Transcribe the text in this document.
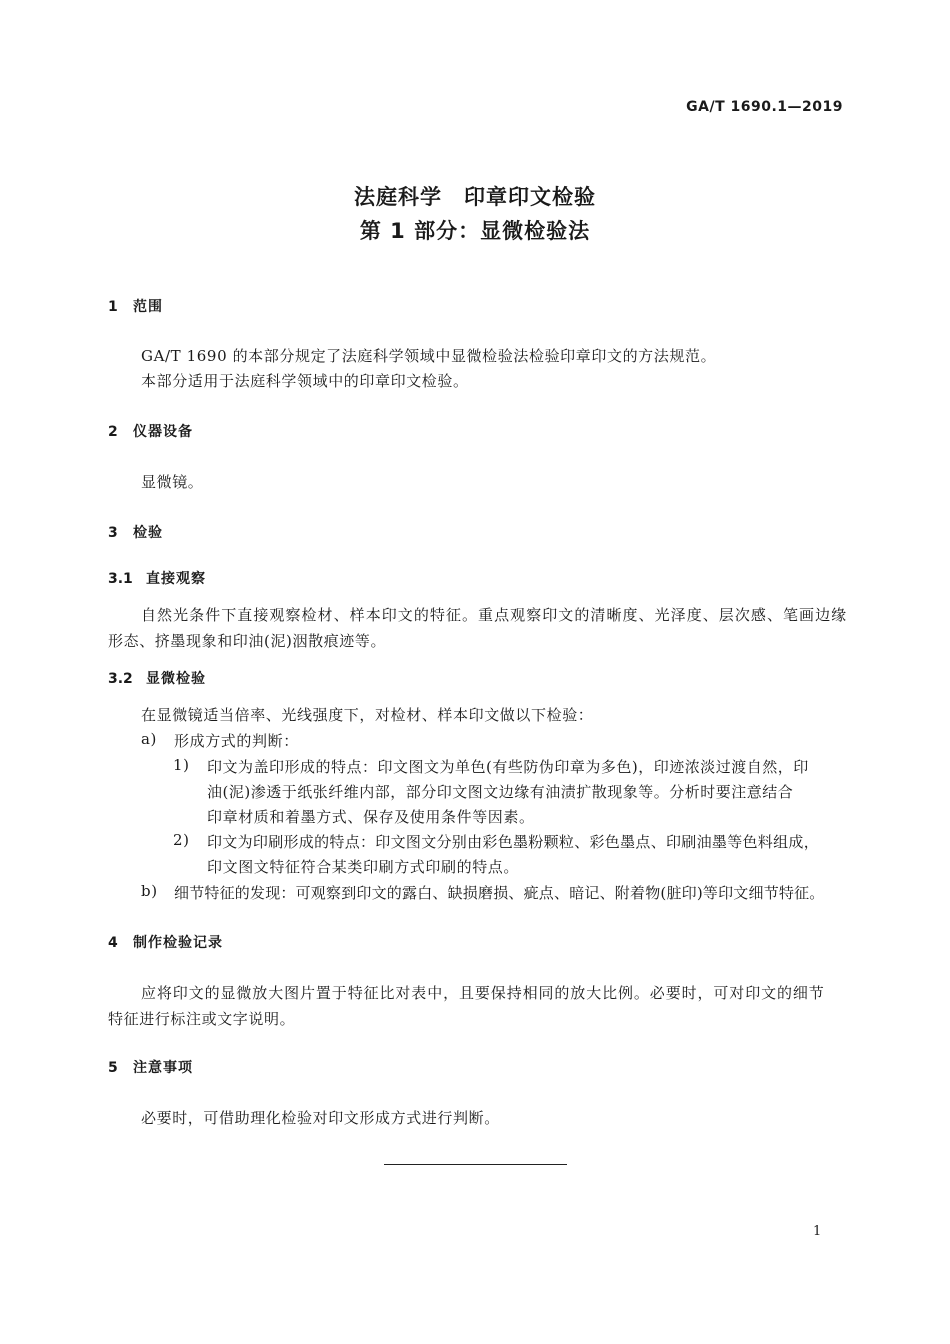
GA/T 1690.1—2019
法庭科学　印章印文检验
第 1 部分：显微检验法
1 范围
GA/T 1690 的本部分规定了法庭科学领域中显微检验法检验印章印文的方法规范。
本部分适用于法庭科学领域中的印章印文检验。
2 仪器设备
显微镜。
3 检验
3.1 直接观察
自然光条件下直接观察检材、样本印文的特征。重点观察印文的清晰度、光泽度、层次感、笔画边缘
形态、挤墨现象和印油(泥)洇散痕迹等。
3.2 显微检验
在显微镜适当倍率、光线强度下，对检材、样本印文做以下检验：
a) 形成方式的判断：
1) 印文为盖印形成的特点：印文图文为单色(有些防伪印章为多色)，印迹浓淡过渡自然，印
油(泥)渗透于纸张纤维内部，部分印文图文边缘有油渍扩散现象等。分析时要注意结合
印章材质和着墨方式、保存及使用条件等因素。
2) 印文为印刷形成的特点：印文图文分别由彩色墨粉颗粒、彩色墨点、印刷油墨等色料组成，
印文图文特征符合某类印刷方式印刷的特点。
b) 细节特征的发现：可观察到印文的露白、缺损磨损、疵点、暗记、附着物(脏印)等印文细节特征。
4 制作检验记录
应将印文的显微放大图片置于特征比对表中，且要保持相同的放大比例。必要时，可对印文的细节
特征进行标注或文字说明。
5 注意事项
必要时，可借助理化检验对印文形成方式进行判断。
1
